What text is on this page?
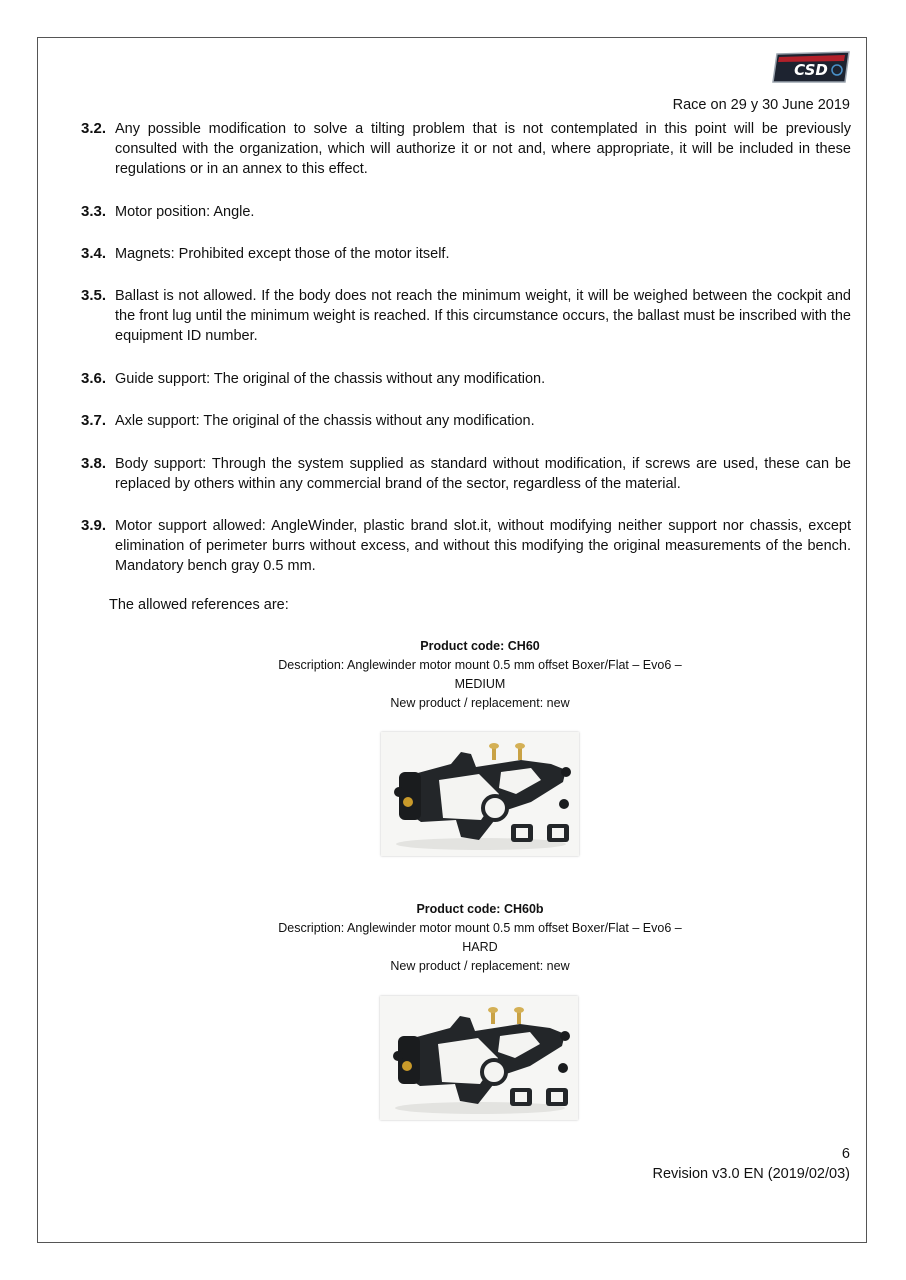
CSD
Race on 29 y 30 June 2019
3.2. Any possible modification to solve a tilting problem that is not contemplated in this point will be previously consulted with the organization, which will authorize it or not and, where appropriate, it will be included in these regulations or in an annex to this effect.
3.3. Motor position: Angle.
3.4. Magnets: Prohibited except those of the motor itself.
3.5. Ballast is not allowed. If the body does not reach the minimum weight, it will be weighed between the cockpit and the front lug until the minimum weight is reached. If this circumstance occurs, the ballast must be inscribed with the equipment ID number.
3.6. Guide support: The original of the chassis without any modification.
3.7. Axle support: The original of the chassis without any modification.
3.8. Body support: Through the system supplied as standard without modification, if screws are used, these can be replaced by others within any commercial brand of the sector, regardless of the material.
3.9. Motor support allowed: AngleWinder, plastic brand slot.it, without modifying neither support nor chassis, except elimination of perimeter burrs without excess, and without this modifying the original measurements of the bench. Mandatory bench gray 0.5 mm.
The allowed references are:
Product code: CH60
Description: Anglewinder motor mount 0.5 mm offset Boxer/Flat – Evo6 –
MEDIUM
New product / replacement: new
Product code: CH60b
Description: Anglewinder motor mount 0.5 mm offset Boxer/Flat – Evo6 –
HARD
New product / replacement: new
6
Revision v3.0 EN (2019/02/03)
